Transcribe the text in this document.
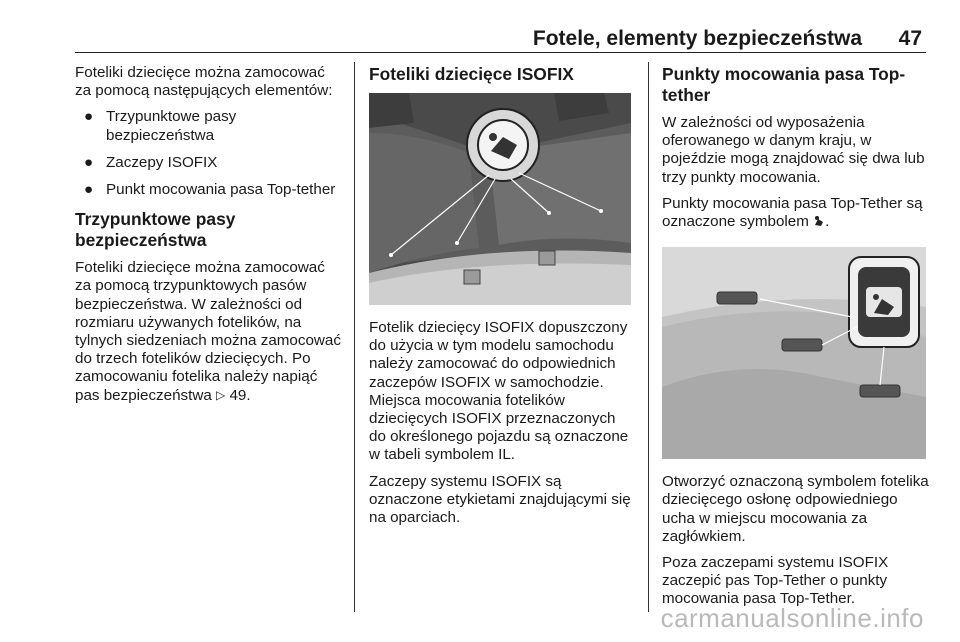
Fotele, elementy bezpieczeństwa 47

Foteliki dziecięce można zamocować za pomocą następujących elementów:

● Trzypunktowe pasy bezpieczeństwa
● Zaczepy ISOFIX
● Punkt mocowania pasa Top-tether
Trzypunktowe pasy bezpieczeństwa

Foteliki dziecięce można zamocować za pomocą trzypunktowych pasów bezpieczeństwa. W zależności od rozmiaru używanych fotelików, na tylnych siedzeniach można zamocować do trzech fotelików dziecięcych. Po zamocowaniu fotelika należy napiąć pas bezpieczeństwa ▷ 49.

Foteliki dziecięce ISOFIX

Fotelik dziecięcy ISOFIX dopuszczony do użycia w tym modelu samochodu należy zamocować do odpowiednich zaczepów ISOFIX w samochodzie. Miejsca mocowania fotelików dziecięcych ISOFIX przeznaczonych do określonego pojazdu są oznaczone w tabeli symbolem IL.

Zaczepy systemu ISOFIX są oznaczone etykietami znajdującymi się na oparciach.

Punkty mocowania pasa Top-tether

W zależności od wyposażenia oferowanego w danym kraju, w pojeździe mogą znajdować się dwa lub trzy punkty mocowania.

Punkty mocowania pasa Top-Tether są oznaczone symbolem .

Otworzyć oznaczoną symbolem fotelika dziecięcego osłonę odpowiedniego ucha w miejscu mocowania za zagłówkiem.

Poza zaczepami systemu ISOFIX zaczepić pas Top-Tether o punkty mocowania pasa Top-Tether.

carmanualsonline.info
